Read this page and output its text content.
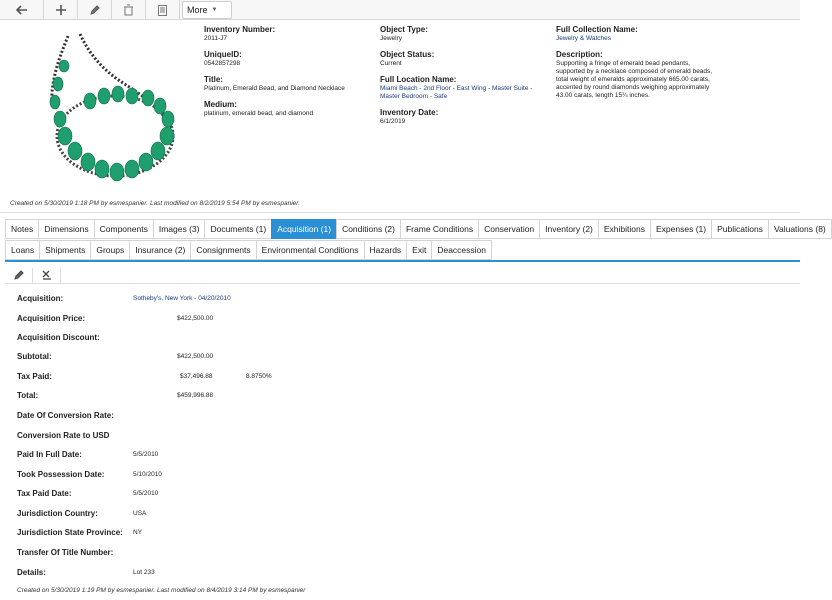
More ▼
Inventory Number:
2011-J7
UniqueID:
0542857298
Title:
Platinum, Emerald Bead, and Diamond Necklace
Medium:
platinum, emerald bead, and diamond
Object Type:
Jewelry
Object Status:
Current
Full Location Name:
Miami Beach - 2nd Floor - East Wing - Master Suite - Master Bedroom - Safe
Inventory Date:
6/1/2019
Full Collection Name:
Jewelry & Watches
Description:
Supporting a fringe of emerald bead pendants, supported by a necklace composed of emerald beads, total weight of emeralds approximately 665.00 carats, accented by round diamonds weighing approximately 43.00 carats, length 15¼ inches.
Created on 5/30/2019 1:18 PM by esmespanier. Last modified on 8/2/2019 5:54 PM by esmespanier.
Notes	Dimensions	Components	Images (3)	Documents (1)	Acquisition (1)	Conditions (2)	Frame Conditions	Conservation	Inventory (2)	Exhibitions	Expenses (1)	Publications	Valuations (8)
Loans	Shipments	Groups	Insurance (2)	Consignments	Environmental Conditions	Hazards	Exit	Deaccession
Acquisition:	Sotheby's, New York - 04/20/2010
Acquisition Price:	$422,500.00
Acquisition Discount:
Subtotal:	$422,500.00
Tax Paid:	$37,496.88	8.8750%
Total:	$459,996.88
Date Of Conversion Rate:
Conversion Rate to USD
Paid In Full Date:	5/5/2010
Took Possession Date:	5/10/2010
Tax Paid Date:	5/5/2010
Jurisdiction Country:	USA
Jurisdiction State Province: NY
Transfer Of Title Number:
Details:	Lot 233
Created on 5/30/2019 1:19 PM by esmespanier. Last modified on 8/4/2019 3:14 PM by esmespanier
